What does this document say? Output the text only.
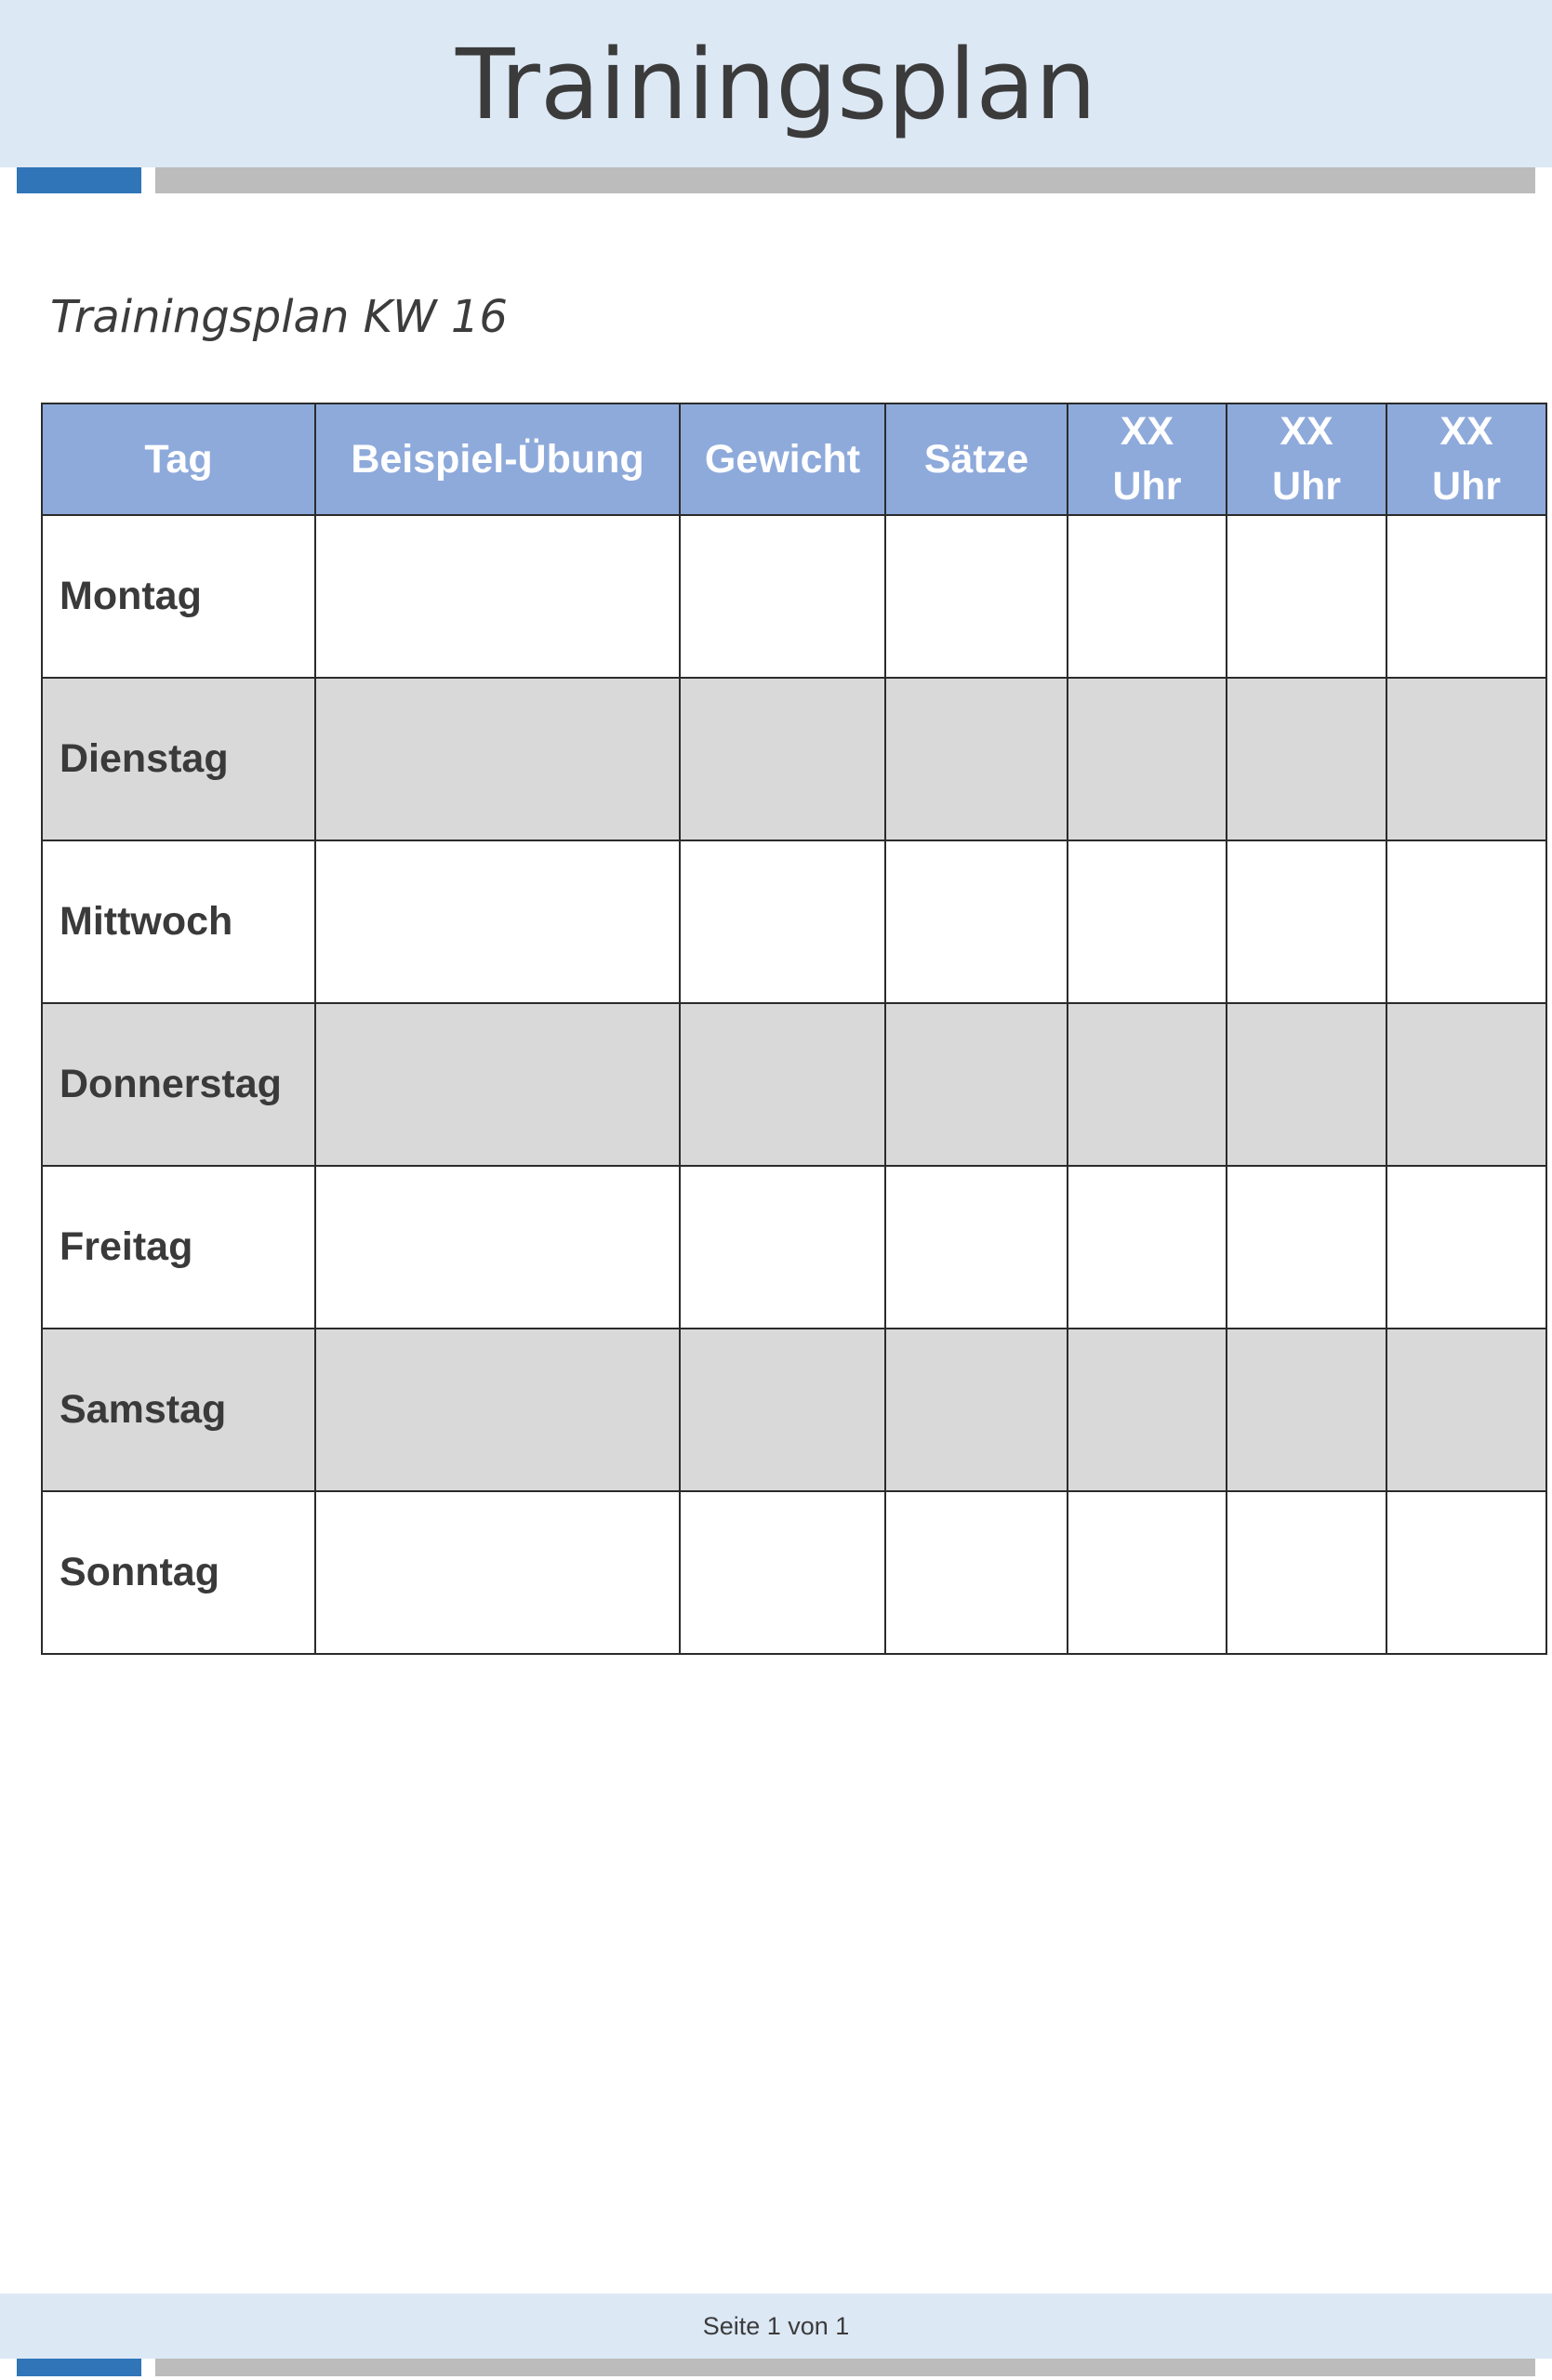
Trainingsplan
Trainingsplan KW 16
Tag	Beispiel-Übung	Gewicht	Sätze	XX Uhr	XX Uhr	XX Uhr
Montag						
Dienstag						
Mittwoch						
Donnerstag						
Freitag						
Samstag						
Sonntag						
Seite 1 von 1
